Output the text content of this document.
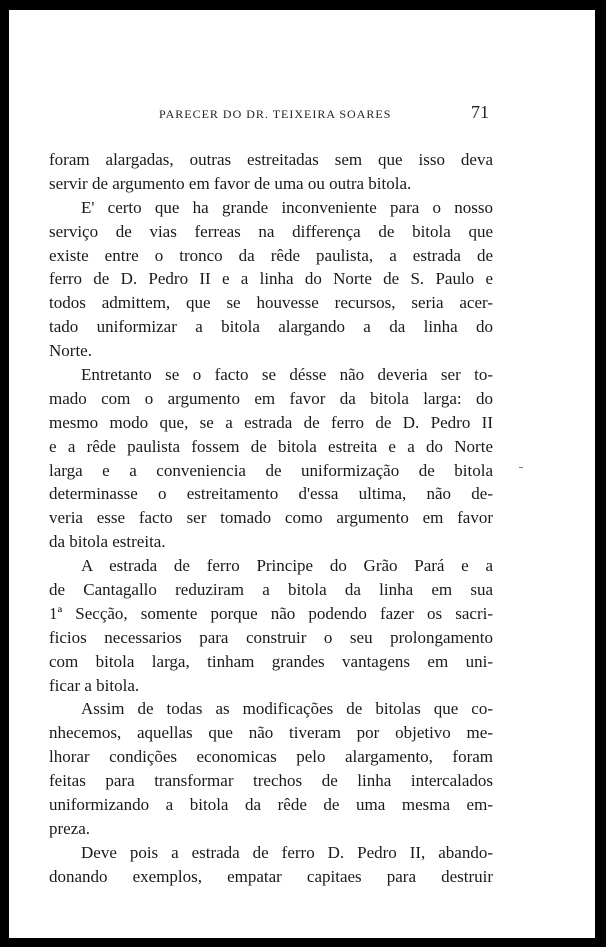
PARECER DO DR. TEIXEIRA SOARES	71
foram alargadas, outras estreitadas sem que isso deva
servir de argumento em favor de uma ou outra bitola.
E' certo que ha grande inconveniente para o nosso
serviço de vias ferreas na differença de bitola que
existe entre o tronco da rêde paulista, a estrada de
ferro de D. Pedro II e a linha do Norte de S. Paulo e
todos admittem, que se houvesse recursos, seria acer-
tado uniformizar a bitola alargando a da linha do
Norte.
Entretanto se o facto se désse não deveria ser to-
mado com o argumento em favor da bitola larga: do
mesmo modo que, se a estrada de ferro de D. Pedro II
e a rêde paulista fossem de bitola estreita e a do Norte
larga e a conveniencia de uniformização de bitola
determinasse o estreitamento d'essa ultima, não de-
veria esse facto ser tomado como argumento em favor
da bitola estreita.
A estrada de ferro Principe do Grão Pará e a
de Cantagallo reduziram a bitola da linha em sua
1ª Secção, somente porque não podendo fazer os sacri-
ficios necessarios para construir o seu prolongamento
com bitola larga, tinham grandes vantagens em uni-
ficar a bitola.
Assim de todas as modificações de bitolas que co-
nhecemos, aquellas que não tiveram por objetivo me-
lhorar condições economicas pelo alargamento, foram
feitas para transformar trechos de linha intercalados
uniformizando a bitola da rêde de uma mesma em-
preza.
Deve pois a estrada de ferro D. Pedro II, abando-
donando exemplos, empatar capitaes para destruir
